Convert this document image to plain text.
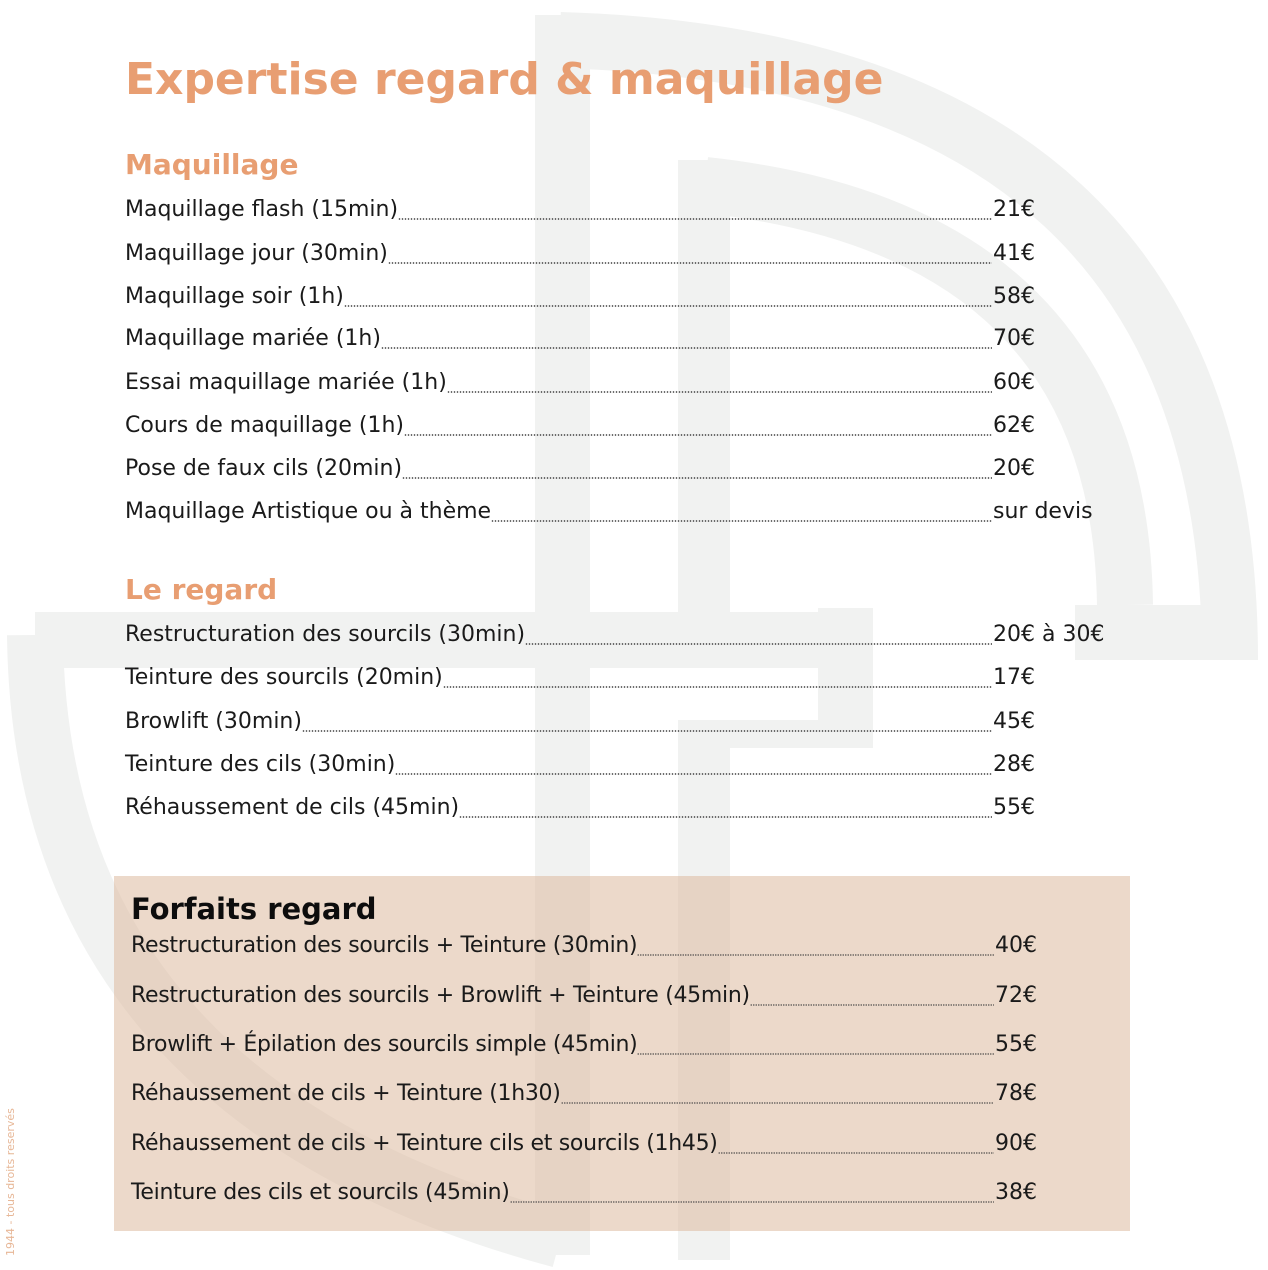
Expertise regard & maquillage
Maquillage
Maquillage flash (15min)	21€
Maquillage jour (30min)	41€
Maquillage soir (1h)	58€
Maquillage mariée (1h)	70€
Essai maquillage mariée (1h)	60€
Cours de maquillage (1h)	62€
Pose de faux cils (20min)	20€
Maquillage Artistique ou à thème	sur devis
Le regard
Restructuration des sourcils (30min)	20€ à 30€
Teinture des sourcils (20min)	17€
Browlift (30min)	45€
Teinture des cils (30min)	28€
Réhaussement de cils (45min)	55€
Forfaits regard
Restructuration des sourcils + Teinture (30min)	40€
Restructuration des sourcils + Browlift + Teinture (45min)	72€
Browlift + Épilation des sourcils simple (45min)	55€
Réhaussement de cils + Teinture (1h30)	78€
Réhaussement de cils + Teinture cils et sourcils (1h45)	90€
Teinture des cils et sourcils (45min)	38€
1944 - tous droits reservés
